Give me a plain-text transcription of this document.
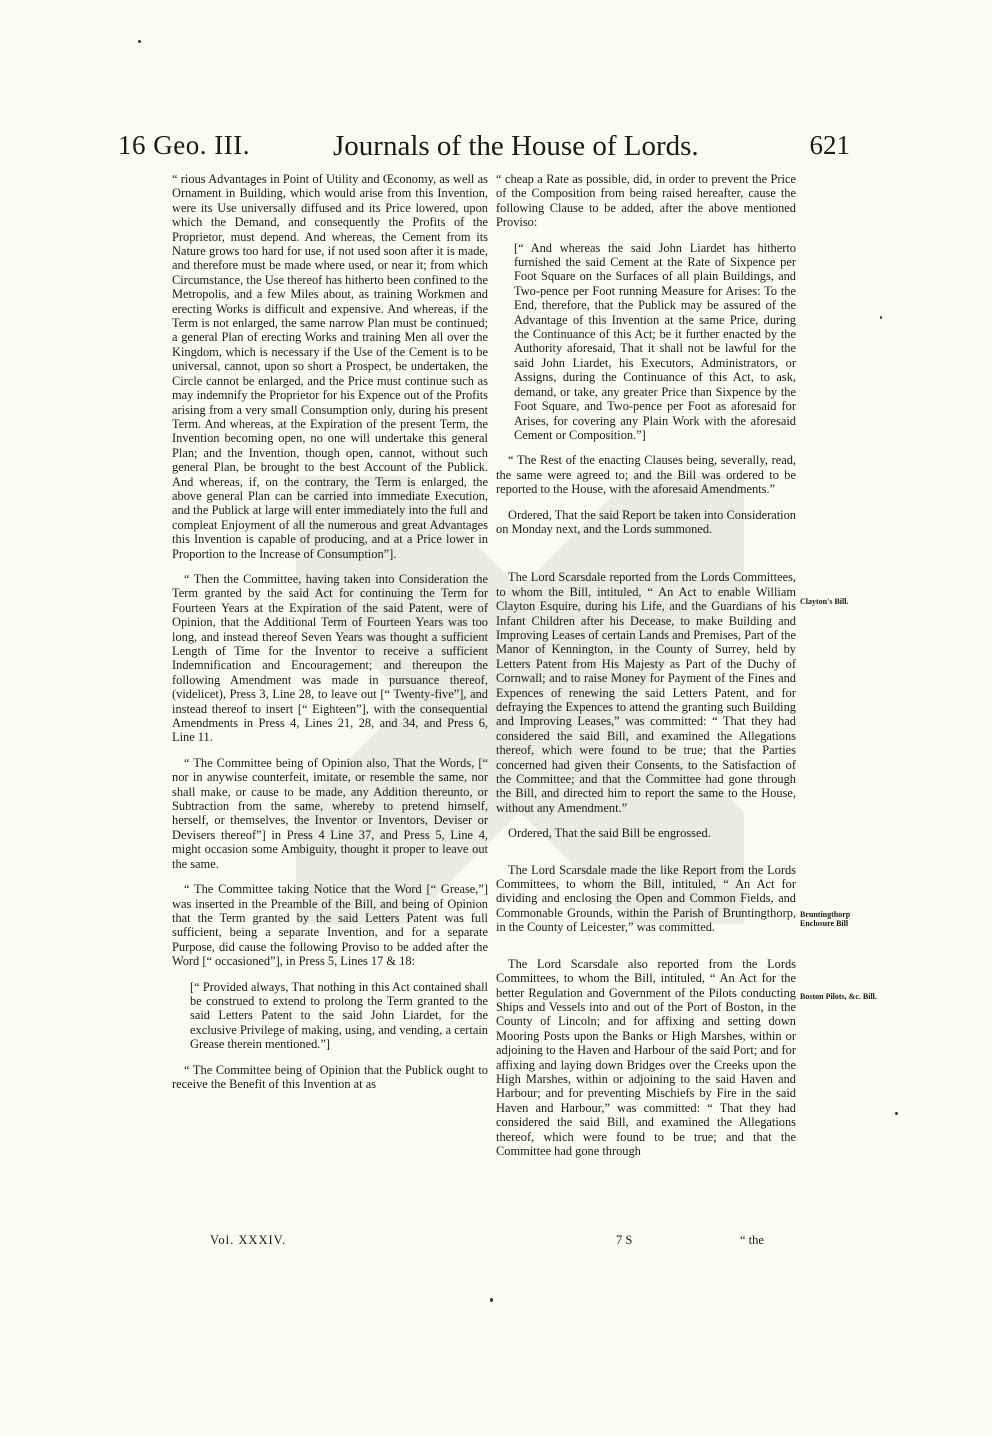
16 Geo. III.	Journals of the House of Lords.	621

“ rious Advantages in Point of Utility and Œconomy, as well as Ornament in Building, which would arise from this Invention, were its Use universally diffused and its Price lowered, upon which the Demand, and consequently the Profits of the Proprietor, must depend. And whereas, the Cement from its Nature grows too hard for use, if not used soon after it is made, and therefore must be made where used, or near it; from which Circumstance, the Use thereof has hitherto been confined to the Metropolis, and a few Miles about, as training Workmen and erecting Works is difficult and expensive. And whereas, if the Term is not enlarged, the same narrow Plan must be continued; a general Plan of erecting Works and training Men all over the Kingdom, which is necessary if the Use of the Cement is to be universal, cannot, upon so short a Prospect, be undertaken, the Circle cannot be enlarged, and the Price must continue such as may indemnify the Proprietor for his Expence out of the Profits arising from a very small Consumption only, during his present Term. And whereas, at the Expiration of the present Term, the Invention becoming open, no one will undertake this general Plan; and the Invention, though open, cannot, without such general Plan, be brought to the best Account of the Publick. And whereas, if, on the contrary, the Term is enlarged, the above general Plan can be carried into immediate Execution, and the Publick at large will enter immediately into the full and compleat Enjoyment of all the numerous and great Advantages this Invention is capable of producing, and at a Price lower in Proportion to the Increase of Consumption”].

“ Then the Committee, having taken into Consideration the Term granted by the said Act for continuing the Term for Fourteen Years at the Expiration of the said Patent, were of Opinion, that the Additional Term of Fourteen Years was too long, and instead thereof Seven Years was thought a sufficient Length of Time for the Inventor to receive a sufficient Indemnification and Encouragement; and thereupon the following Amendment was made in pursuance thereof, (videlicet), Press 3, Line 28, to leave out [“ Twenty-five”], and instead thereof to insert [“ Eighteen”], with the consequential Amendments in Press 4, Lines 21, 28, and 34, and Press 6, Line 11.

“ The Committee being of Opinion also, That the Words, [“ nor in anywise counterfeit, imitate, or resemble the same, nor shall make, or cause to be made, any Addition thereunto, or Subtraction from the same, whereby to pretend himself, herself, or themselves, the Inventor or Inventors, Deviser or Devisers thereof”] in Press 4 Line 37, and Press 5, Line 4, might occasion some Ambiguity, thought it proper to leave out the same.

“ The Committee taking Notice that the Word [“ Grease,”] was inserted in the Preamble of the Bill, and being of Opinion that the Term granted by the said Letters Patent was full sufficient, being a separate Invention, and for a separate Purpose, did cause the following Proviso to be added after the Word [“ occasioned”], in Press 5, Lines 17 & 18:

[“ Provided always, That nothing in this Act contained shall be construed to extend to prolong the Term granted to the said Letters Patent to the said John Liardet, for the exclusive Privilege of making, using, and vending, a certain Grease therein mentioned.”]

“ The Committee being of Opinion that the Publick ought to receive the Benefit of this Invention at as

“ cheap a Rate as possible, did, in order to prevent the Price of the Composition from being raised hereafter, cause the following Clause to be added, after the above mentioned Proviso:

[“ And whereas the said John Liardet has hitherto furnished the said Cement at the Rate of Sixpence per Foot Square on the Surfaces of all plain Buildings, and Two-pence per Foot running Measure for Arises: To the End, therefore, that the Publick may be assured of the Advantage of this Invention at the same Price, during the Continuance of this Act; be it further enacted by the Authority aforesaid, That it shall not be lawful for the said John Liardet, his Executors, Administrators, or Assigns, during the Continuance of this Act, to ask, demand, or take, any greater Price than Sixpence by the Foot Square, and Two-pence per Foot as aforesaid for Arises, for covering any Plain Work with the aforesaid Cement or Composition.”]

“ The Rest of the enacting Clauses being, severally, read, the same were agreed to; and the Bill was ordered to be reported to the House, with the aforesaid Amendments.”

Ordered, That the said Report be taken into Consideration on Monday next, and the Lords summoned.

The Lord Scarsdale reported from the Lords Committees, to whom the Bill, intituled, “ An Act to enable William Clayton Esquire, during his Life, and the Guardians of his Infant Children after his Decease, to make Building and Improving Leases of certain Lands and Premises, Part of the Manor of Kennington, in the County of Surrey, held by Letters Patent from His Majesty as Part of the Duchy of Cornwall; and to raise Money for Payment of the Fines and Expences of renewing the said Letters Patent, and for defraying the Expences to attend the granting such Building and Improving Leases,” was committed: “ That they had considered the said Bill, and examined the Allegations thereof, which were found to be true; that the Parties concerned had given their Consents, to the Satisfaction of the Committee; and that the Committee had gone through the Bill, and directed him to report the same to the House, without any Amendment.”

Ordered, That the said Bill be engrossed.

The Lord Scarsdale made the like Report from the Lords Committees, to whom the Bill, intituled, “ An Act for dividing and enclosing the Open and Common Fields, and Commonable Grounds, within the Parish of Bruntingthorp, in the County of Leicester,” was committed.

The Lord Scarsdale also reported from the Lords Committees, to whom the Bill, intituled, “ An Act for the better Regulation and Government of the Pilots conducting Ships and Vessels into and out of the Port of Boston, in the County of Lincoln; and for affixing and setting down Mooring Posts upon the Banks or High Marshes, within or adjoining to the Haven and Harbour of the said Port; and for affixing and laying down Bridges over the Creeks upon the High Marshes, within or adjoining to the said Haven and Harbour; and for preventing Mischiefs by Fire in the said Haven and Harbour,” was committed: “ That they had considered the said Bill, and examined the Allegations thereof, which were found to be true; and that the Committee had gone through

Clayton's Bill.
Bruntingthorp Enclosure Bill
Boston Pilots, &c. Bill.
Vol. XXXIV.	7 S	“ the
